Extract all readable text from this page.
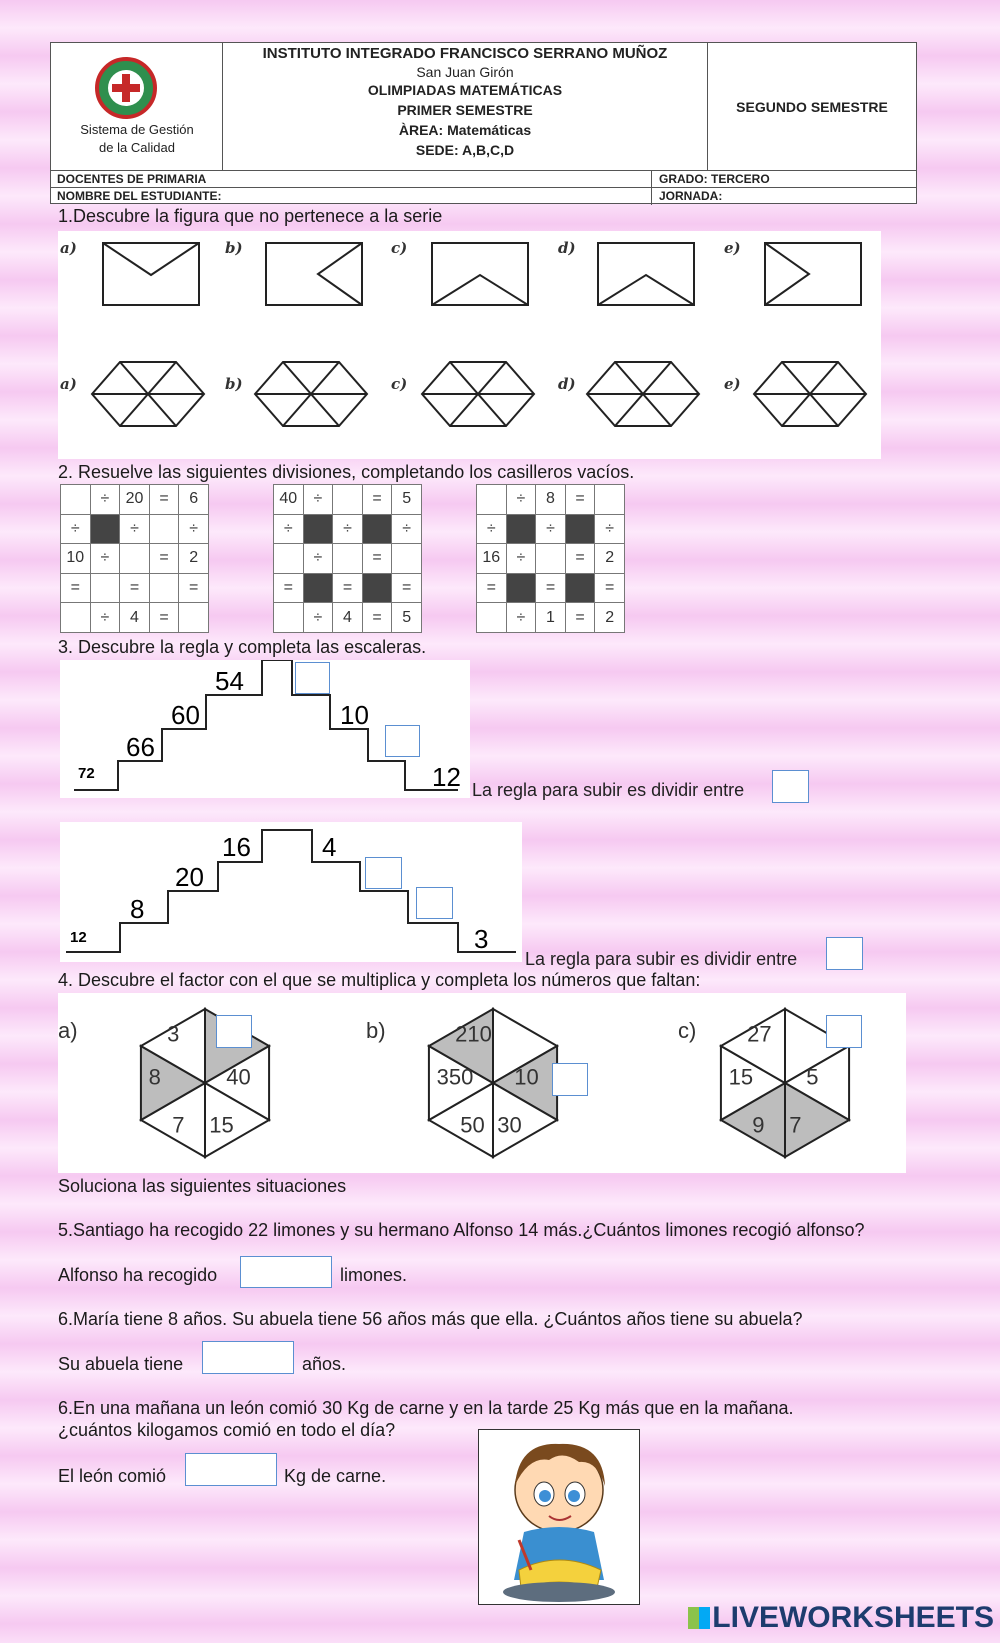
Sistema de Gestión
de la Calidad
INSTITUTO INTEGRADO FRANCISCO SERRANO MUÑOZ
San Juan Girón
OLIMPIADAS MATEMÁTICAS
PRIMER SEMESTRE
ÀREA: Matemáticas
SEDE: A,B,C,D
SEGUNDO SEMESTRE
DOCENTES DE PRIMARIA	GRADO: TERCERO
NOMBRE DEL ESTUDIANTE:	JORNADA:
1.Descubre la figura que no pertenece a la serie
a)	b)	c)	d)	e)
a)	b)	c)	d)	e)
2. Resuelve las siguientes divisiones, completando los casilleros vacíos.
	÷	20	=	6
÷		÷		÷
10	÷		=	2
=		=		=
	÷	4	=	
40	÷		=	5
÷		÷		÷
	÷		=	
=		=		=
	÷	4	=	5
	÷	8	=	
÷		÷		÷
16	÷		=	2
=		=		=
	÷	1	=	2
3. Descubre la regla y completa las escaleras.
72
66
60
54
10
12 La regla para subir es dividir entre
12
8
20
16	4
3
La regla para subir es dividir entre
4. Descubre el factor con el que se multiplica y completa los números que faltan:
a)	b)	c)
3
40
15
7
8
210
10
30
50
350
27
5
7
9
15
Soluciona las siguientes situaciones
5.Santiago ha recogido 22 limones y su hermano Alfonso 14 más.¿Cuántos limones recogió alfonso?
Alfonso ha recogido	limones.
6.María tiene 8 años. Su abuela tiene 56 años más que ella. ¿Cuántos años tiene su abuela?
Su abuela tiene	años.
6.En una mañana un león comió 30 Kg de carne y en la tarde 25 Kg más que en la mañana.
¿cuántos kilogamos comió en todo el día?
El león comió	Kg de carne.
LIVEWORKSHEETS
